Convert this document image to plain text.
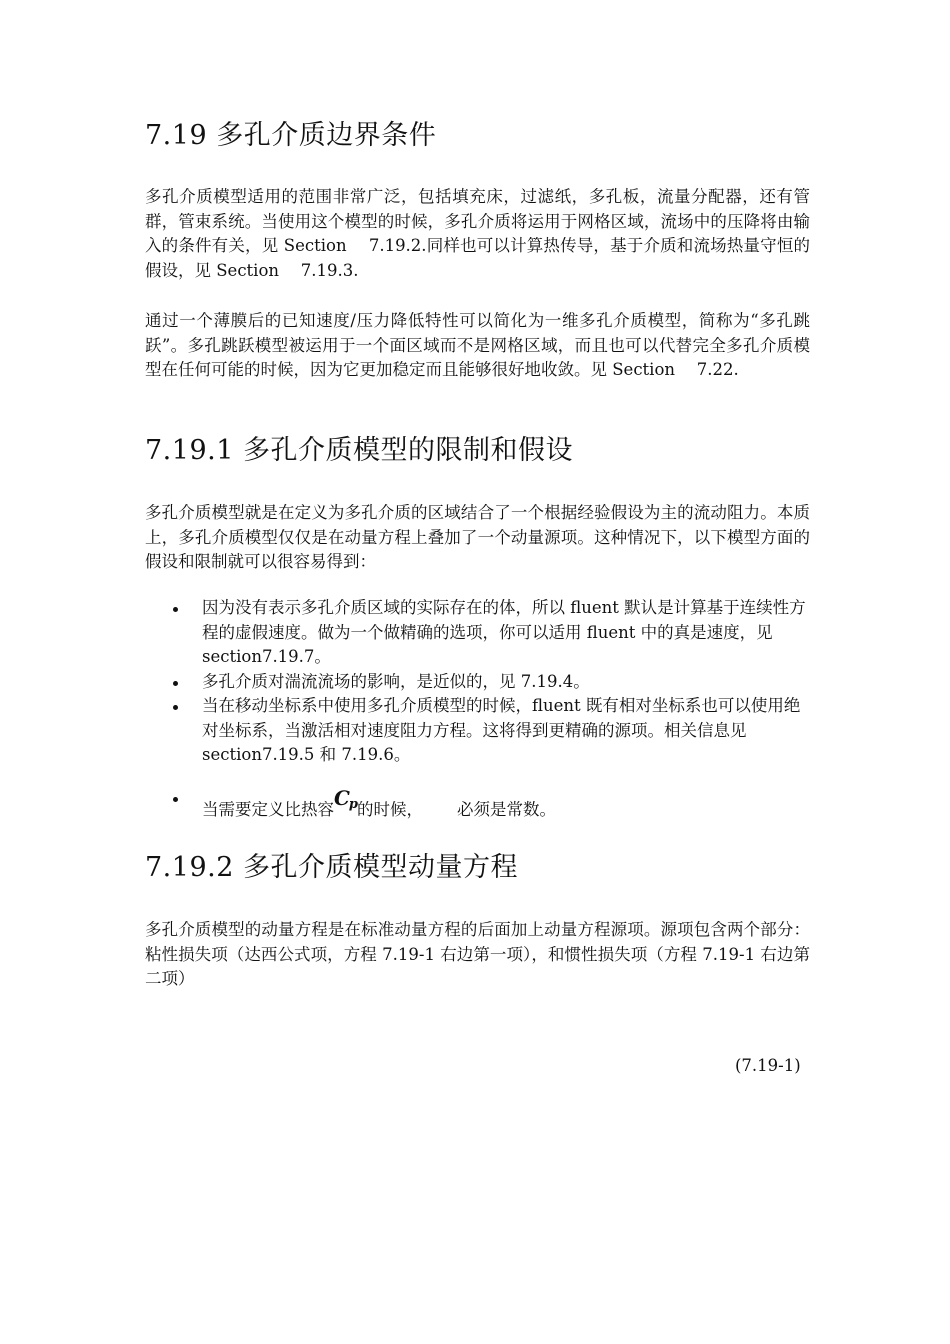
7.19 多孔介质边界条件

多孔介质模型适用的范围非常广泛，包括填充床，过滤纸，多孔板，流量分配器，还有管群，管束系统。当使用这个模型的时候，多孔介质将运用于网格区域，流场中的压降将由输入的条件有关，见 Section　 7.19.2.同样也可以计算热传导，基于介质和流场热量守恒的假设，见 Section　 7.19.3.

通过一个薄膜后的已知速度/压力降低特性可以简化为一维多孔介质模型，简称为“多孔跳跃”。多孔跳跃模型被运用于一个面区域而不是网格区域，而且也可以代替完全多孔介质模型在任何可能的时候，因为它更加稳定而且能够很好地收敛。见 Section　 7.22.

7.19.1 多孔介质模型的限制和假设

多孔介质模型就是在定义为多孔介质的区域结合了一个根据经验假设为主的流动阻力。本质上，多孔介质模型仅仅是在动量方程上叠加了一个动量源项。这种情况下，以下模型方面的假设和限制就可以很容易得到：

因为没有表示多孔介质区域的实际存在的体，所以 fluent 默认是计算基于连续性方程的虚假速度。做为一个做精确的选项，你可以适用 fluent 中的真是速度，见 section7.19.7。
多孔介质对湍流流场的影响，是近似的，见 7.19.4。
当在移动坐标系中使用多孔介质模型的时候，fluent 既有相对坐标系也可以使用绝对坐标系，当激活相对速度阻力方程。这将得到更精确的源项。相关信息见 section7.19.5 和 7.19.6。
当需要定义比热容$C_p$的时候， 必须是常数。
7.19.2 多孔介质模型动量方程

多孔介质模型的动量方程是在标准动量方程的后面加上动量方程源项。源项包含两个部分：粘性损失项（达西公式项，方程 7.19-1 右边第一项），和惯性损失项（方程 7.19-1 右边第二项）

(7.19-1)
